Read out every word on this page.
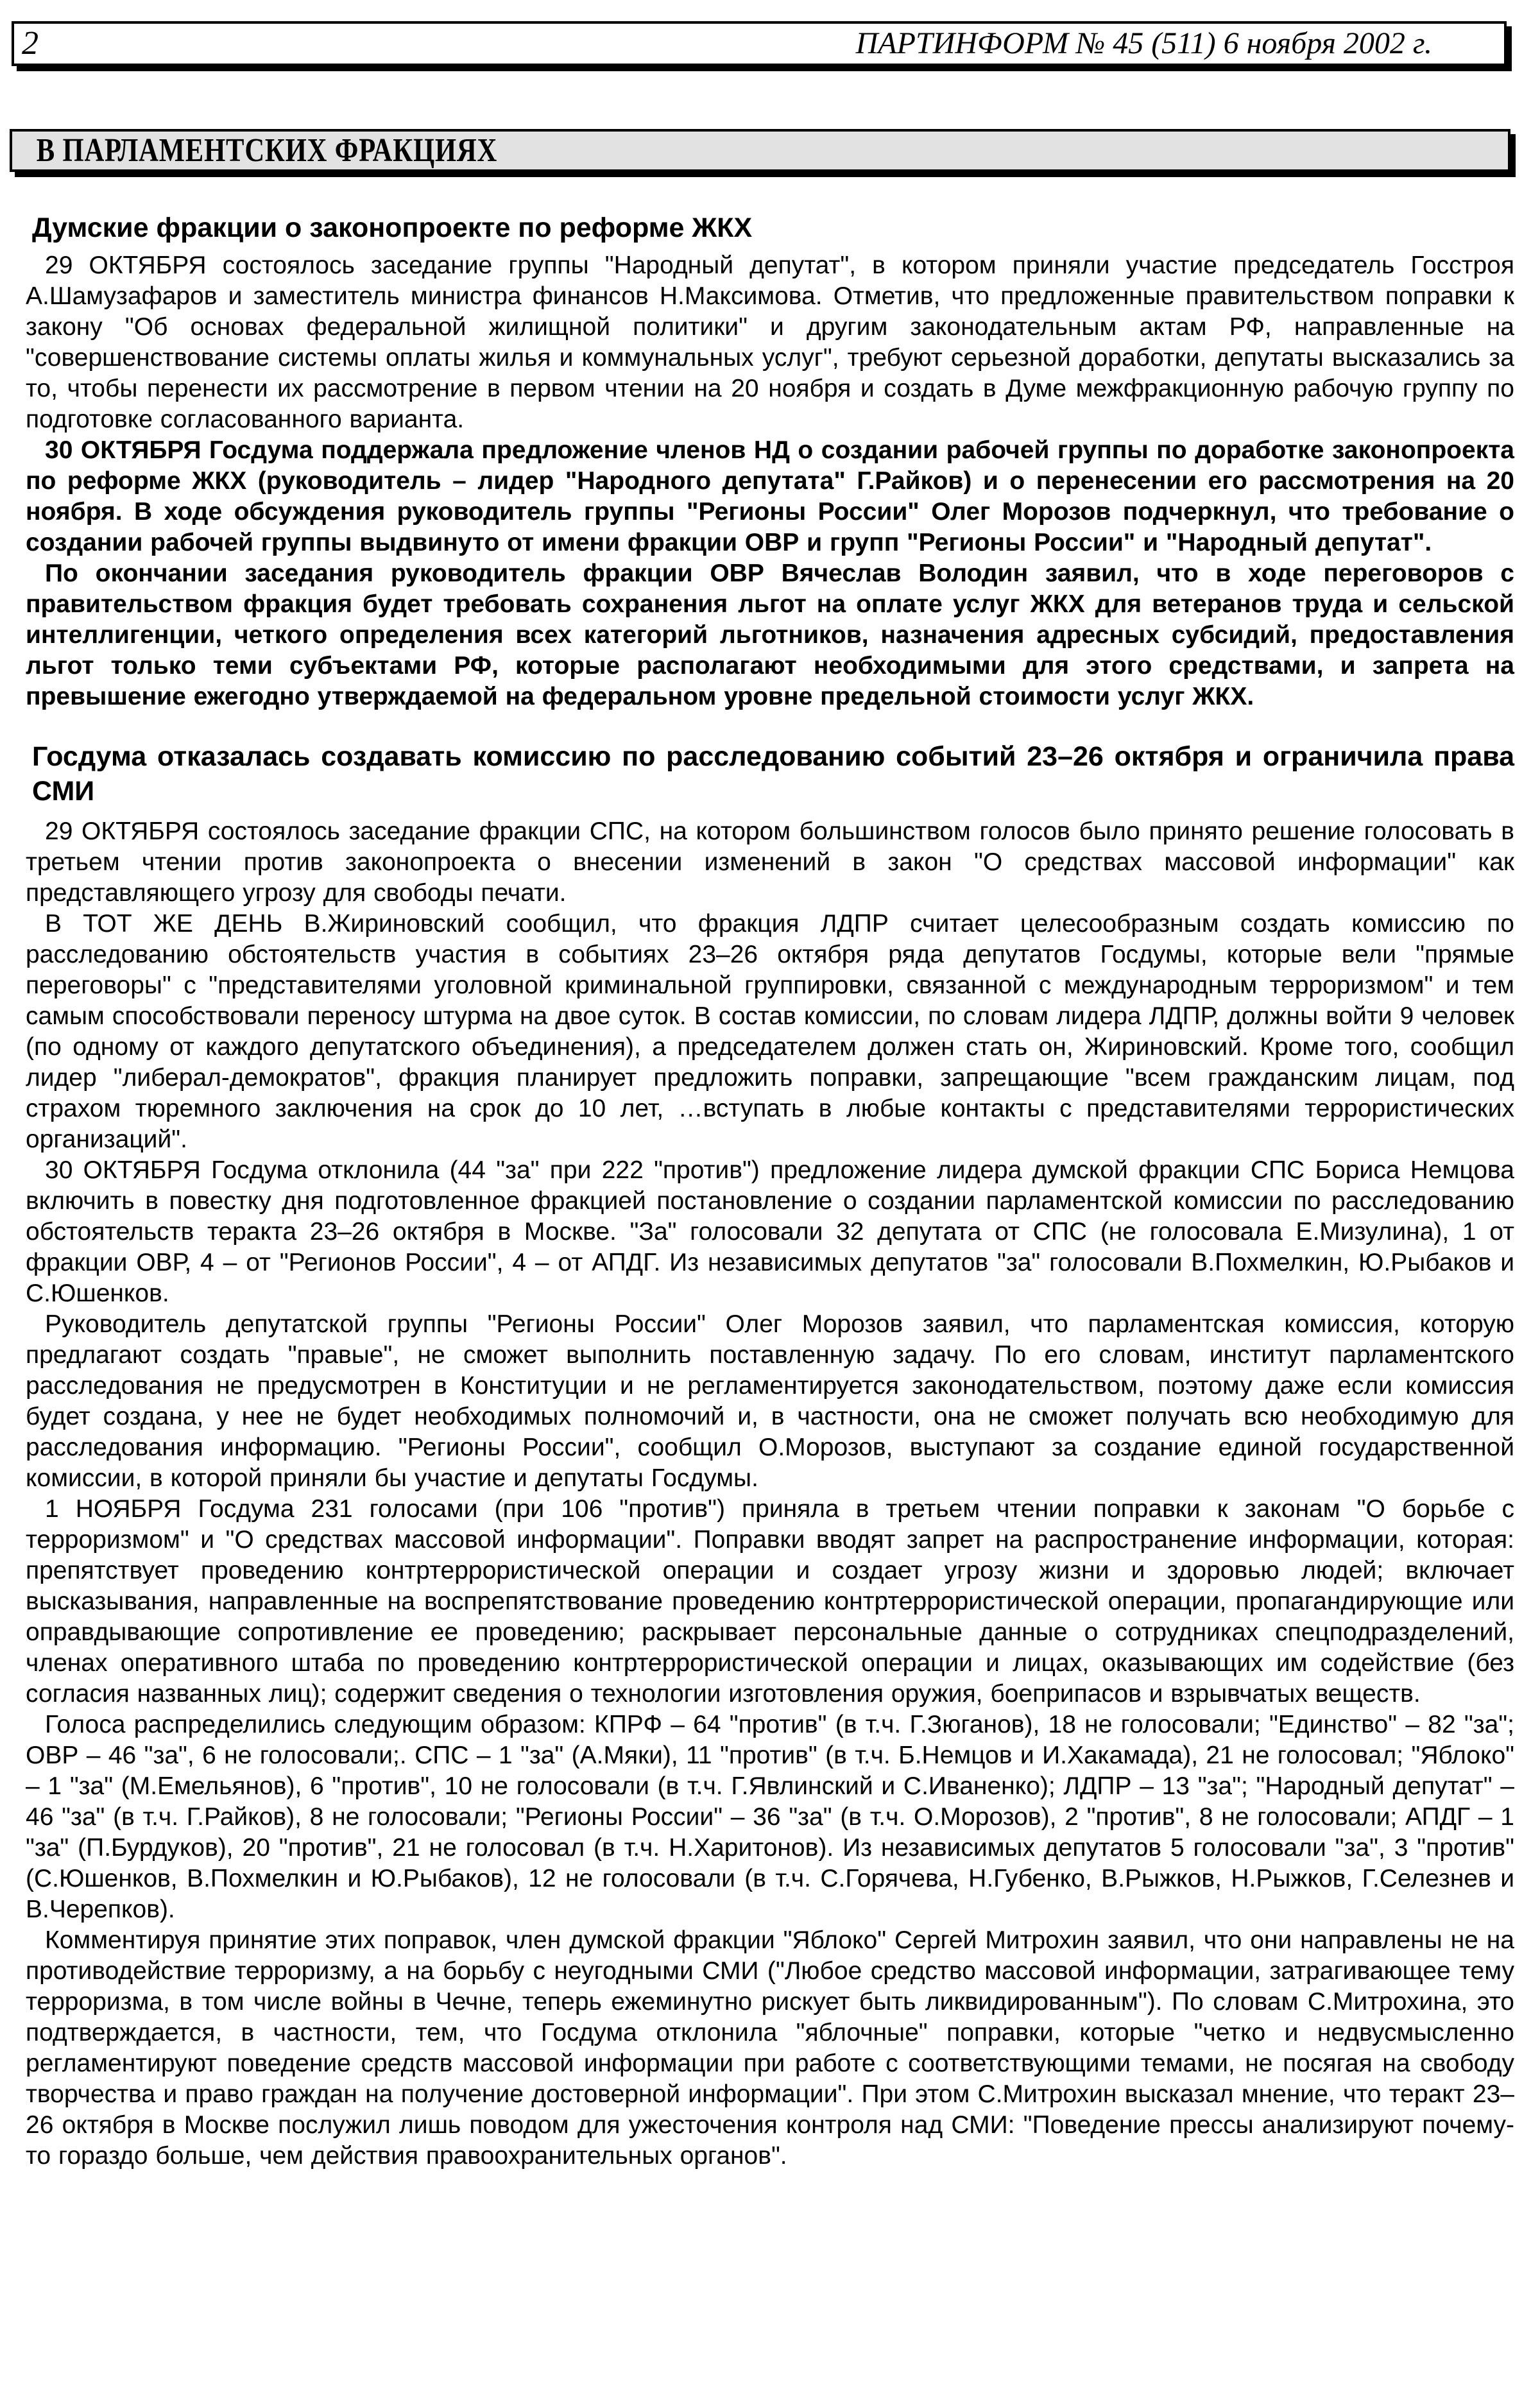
2	ПАРТИНФОРМ № 45 (511) 6 ноября 2002 г.
В ПАРЛАМЕНТСКИХ ФРАКЦИЯХ
Думские фракции о законопроекте по реформе ЖКХ

29 ОКТЯБРЯ состоялось заседание группы "Народный депутат", в котором приняли участие председатель Госстроя А.Шамузафаров и заместитель министра финансов Н.Максимова. Отметив, что предложенные правительством поправки к закону "Об основах федеральной жилищной политики" и другим законодательным актам РФ, направленные на "совершенствование системы оплаты жилья и коммунальных услуг", требуют серьезной доработки, депутаты высказались за то, чтобы перенести их рассмотрение в первом чтении на 20 ноября и создать в Думе межфракционную рабочую группу по подготовке согласованного варианта.

30 ОКТЯБРЯ Госдума поддержала предложение членов НД о создании рабочей группы по доработке законопроекта по реформе ЖКХ (руководитель – лидер "Народного депутата" Г.Райков) и о перенесении его рассмотрения на 20 ноября. В ходе обсуждения руководитель группы "Регионы России" Олег Морозов подчеркнул, что требование о создании рабочей группы выдвинуто от имени фракции ОВР и групп "Регионы России" и "Народный депутат".

По окончании заседания руководитель фракции ОВР Вячеслав Володин заявил, что в ходе переговоров с правительством фракция будет требовать сохранения льгот на оплате услуг ЖКХ для ветеранов труда и сельской интеллигенции, четкого определения всех категорий льготников, назначения адресных субсидий, предоставления льгот только теми субъектами РФ, которые располагают необходимыми для этого средствами, и запрета на превышение ежегодно утверждаемой на федеральном уровне предельной стоимости услуг ЖКХ.

Госдума отказалась создавать комиссию по расследованию событий 23–26 октября и ограничила права СМИ

29 ОКТЯБРЯ состоялось заседание фракции СПС, на котором большинством голосов было принято решение голосовать в третьем чтении против законопроекта о внесении изменений в закон "О средствах массовой информации" как представляющего угрозу для свободы печати.

В ТОТ ЖЕ ДЕНЬ В.Жириновский сообщил, что фракция ЛДПР считает целесообразным создать комиссию по расследованию обстоятельств участия в событиях 23–26 октября ряда депутатов Госдумы, которые вели "прямые переговоры" с "представителями уголовной криминальной группировки, связанной с международным терроризмом" и тем самым способствовали переносу штурма на двое суток. В состав комиссии, по словам лидера ЛДПР, должны войти 9 человек (по одному от каждого депутатского объединения), а председателем должен стать он, Жириновский. Кроме того, сообщил лидер "либерал-демократов", фракция планирует предложить поправки, запрещающие "всем гражданским лицам, под страхом тюремного заключения на срок до 10 лет, …вступать в любые контакты с представителями террористических организаций".

30 ОКТЯБРЯ Госдума отклонила (44 "за" при 222 "против") предложение лидера думской фракции СПС Бориса Немцова включить в повестку дня подготовленное фракцией постановление о создании парламентской комиссии по расследованию обстоятельств теракта 23–26 октября в Москве. "За" голосовали 32 депутата от СПС (не голосовала Е.Мизулина), 1 от фракции ОВР, 4 – от "Регионов России", 4 – от АПДГ. Из независимых депутатов "за" голосовали В.Похмелкин, Ю.Рыбаков и С.Юшенков.

Руководитель депутатской группы "Регионы России" Олег Морозов заявил, что парламентская комиссия, которую предлагают создать "правые", не сможет выполнить поставленную задачу. По его словам, институт парламентского расследования не предусмотрен в Конституции и не регламентируется законодательством, поэтому даже если комиссия будет создана, у нее не будет необходимых полномочий и, в частности, она не сможет получать всю необходимую для расследования информацию. "Регионы России", сообщил О.Морозов, выступают за создание единой государственной комиссии, в которой приняли бы участие и депутаты Госдумы.

1 НОЯБРЯ Госдума 231 голосами (при 106 "против") приняла в третьем чтении поправки к законам "О борьбе с терроризмом" и "О средствах массовой информации". Поправки вводят запрет на распространение информации, которая: препятствует проведению контртеррористической операции и создает угрозу жизни и здоровью людей; включает высказывания, направленные на воспрепятствование проведению контртеррористической операции, пропагандирующие или оправдывающие сопротивление ее проведению; раскрывает персональные данные о сотрудниках спецподразделений, членах оперативного штаба по проведению контртеррористической операции и лицах, оказывающих им содействие (без согласия названных лиц); содержит сведения о технологии изготовления оружия, боеприпасов и взрывчатых веществ.

Голоса распределились следующим образом: КПРФ – 64 "против" (в т.ч. Г.Зюганов), 18 не голосовали; "Единство" – 82 "за"; ОВР – 46 "за", 6 не голосовали;. СПС – 1 "за" (А.Мяки), 11 "против" (в т.ч. Б.Немцов и И.Хакамада), 21 не голосовал; "Яблоко" – 1 "за" (М.Емельянов), 6 "против", 10 не голосовали (в т.ч. Г.Явлинский и С.Иваненко); ЛДПР – 13 "за"; "Народный депутат" – 46 "за" (в т.ч. Г.Райков), 8 не голосовали; "Регионы России" – 36 "за" (в т.ч. О.Морозов), 2 "против", 8 не голосовали; АПДГ – 1 "за" (П.Бурдуков), 20 "против", 21 не голосовал (в т.ч. Н.Харитонов). Из независимых депутатов 5 голосовали "за", 3 "против" (С.Юшенков, В.Похмелкин и Ю.Рыбаков), 12 не голосовали (в т.ч. С.Горячева, Н.Губенко, В.Рыжков, Н.Рыжков, Г.Селезнев и В.Черепков).

Комментируя принятие этих поправок, член думской фракции "Яблоко" Сергей Митрохин заявил, что они направлены не на противодействие терроризму, а на борьбу с неугодными СМИ ("Любое средство массовой информации, затрагивающее тему терроризма, в том числе войны в Чечне, теперь ежеминутно рискует быть ликвидированным"). По словам С.Митрохина, это подтверждается, в частности, тем, что Госдума отклонила "яблочные" поправки, которые "четко и недвусмысленно регламентируют поведение средств массовой информации при работе с соответствующими темами, не посягая на свободу творчества и право граждан на получение достоверной информации". При этом С.Митрохин высказал мнение, что теракт 23–26 октября в Москве послужил лишь поводом для ужесточения контроля над СМИ: "Поведение прессы анализируют почему-то гораздо больше, чем действия правоохранительных органов".
